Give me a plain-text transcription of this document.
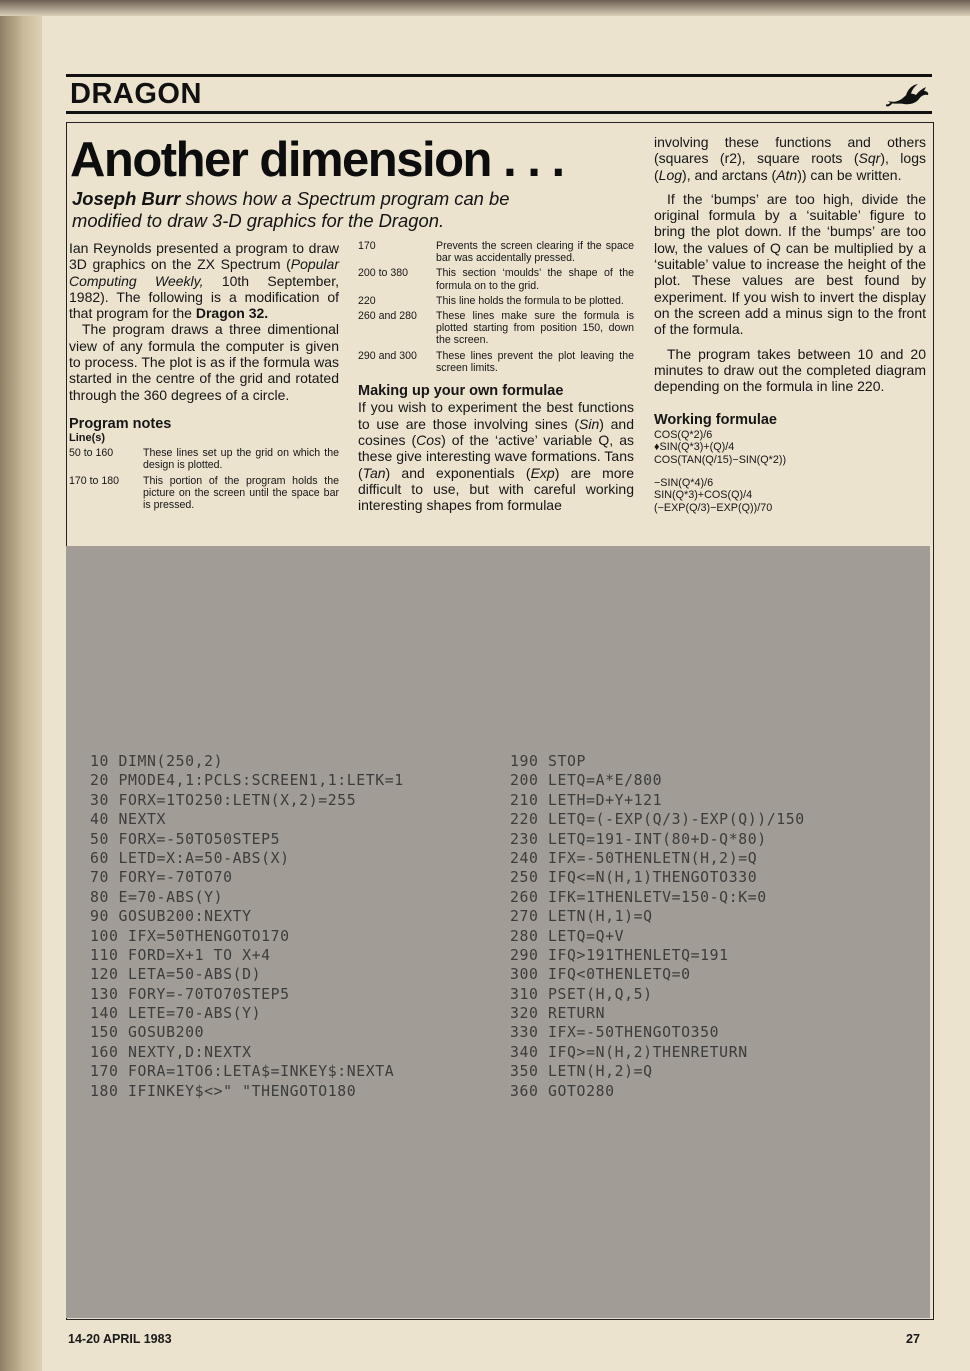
DRAGON
Another dimension . . .
Joseph Burr shows how a Spectrum program can be modified to draw 3-D graphics for the Dragon.

Ian Reynolds presented a program to draw 3D graphics on the ZX Spectrum (Popular Computing Weekly, 10th September, 1982). The following is a modification of that program for the Dragon 32.

The program draws a three dimentional view of any formula the computer is given to process. The plot is as if the formula was started in the centre of the grid and rotated through the 360 degrees of a circle.

Program notes

Line(s)

50 to 160	These lines set up the grid on which the design is plotted.
170 to 180	This portion of the program holds the picture on the screen until the space bar is pressed.
170	Prevents the screen clearing if the space bar was accidentally pressed.
200 to 380	This section ‘moulds’ the shape of the formula on to the grid.
220	This line holds the formula to be plotted.
260 and 280	These lines make sure the formula is plotted starting from position 150, down the screen.
290 and 300	These lines prevent the plot leaving the screen limits.

Making up your own formulae

If you wish to experiment the best functions to use are those involving sines (Sin) and cosines (Cos) of the ‘active’ variable Q, as these give interesting wave formations. Tans (Tan) and exponentials (Exp) are more difficult to use, but with careful working interesting shapes from formulae

involving these functions and others (squares (r2), square roots (Sqr), logs (Log), and arctans (Atn)) can be written.

If the ‘bumps’ are too high, divide the original formula by a ‘suitable’ figure to bring the plot down. If the ‘bumps’ are too low, the values of Q can be multiplied by a ‘suitable’ value to increase the height of the plot. These values are best found by experiment. If you wish to invert the display on the screen add a minus sign to the front of the formula.

The program takes between 10 and 20 minutes to draw out the completed diagram depending on the formula in line 220.

Working formulae

COS(Q*2)/6
♦SIN(Q*3)+(Q)/4
COS(TAN(Q/15)−SIN(Q*2))
−SIN(Q*4)/6
SIN(Q*3)+COS(Q)/4
(−EXP(Q/3)−EXP(Q))/70
10 DIMN(250,2)
20 PMODE4,1:PCLS:SCREEN1,1:LETK=1
30 FORX=1TO250:LETN(X,2)=255
40 NEXTX
50 FORX=-50TO50STEP5
60 LETD=X:A=50-ABS(X)
70 FORY=-70TO70
80 E=70-ABS(Y)
90 GOSUB200:NEXTY
100 IFX=50THENGOTO170
110 FORD=X+1 TO X+4
120 LETA=50-ABS(D)
130 FORY=-70TO70STEP5
140 LETE=70-ABS(Y)
150 GOSUB200
160 NEXTY,D:NEXTX
170 FORA=1TO6:LETA$=INKEY$:NEXTA
180 IFINKEY$<>" "THENGOTO180
190 STOP
200 LETQ=A*E/800
210 LETH=D+Y+121
220 LETQ=(-EXP(Q/3)-EXP(Q))/150
230 LETQ=191-INT(80+D-Q*80)
240 IFX=-50THENLETN(H,2)=Q
250 IFQ<=N(H,1)THENGOTO330
260 IFK=1THENLETV=150-Q:K=0
270 LETN(H,1)=Q
280 LETQ=Q+V
290 IFQ>191THENLETQ=191
300 IFQ<0THENLETQ=0
310 PSET(H,Q,5)
320 RETURN
330 IFX=-50THENGOTO350
340 IFQ>=N(H,2)THENRETURN
350 LETN(H,2)=Q
360 GOTO280
14-20 APRIL 1983	27
